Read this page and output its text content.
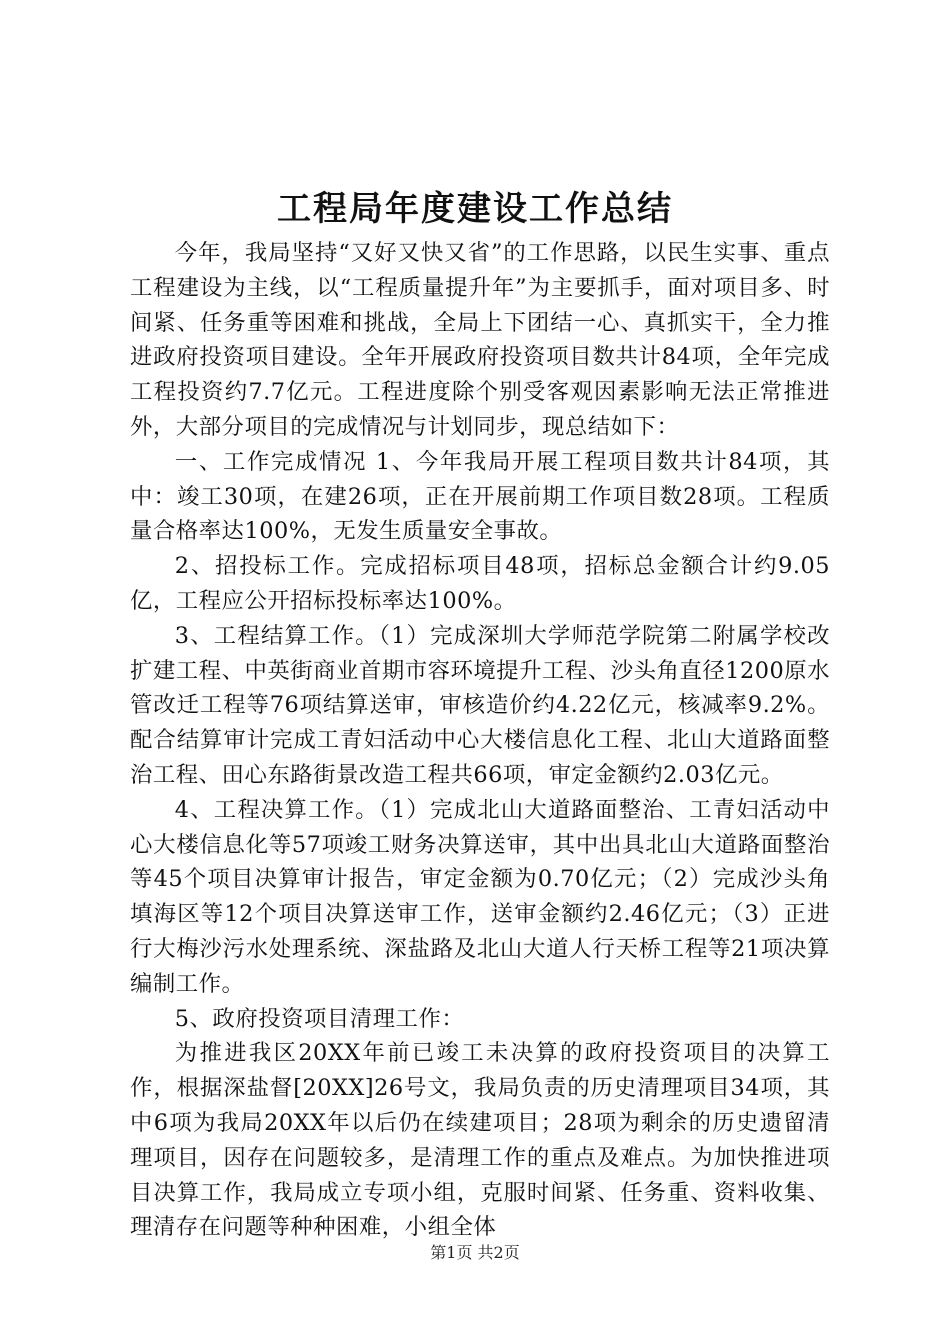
工程局年度建设工作总结

今年，我局坚持“又好又快又省”的工作思路，以民生实事、重点工程建设为主线，以“工程质量提升年”为主要抓手，面对项目多、时间紧、任务重等困难和挑战，全局上下团结一心、真抓实干，全力推进政府投资项目建设。全年开展政府投资项目数共计84项，全年完成工程投资约7.7亿元。工程进度除个别受客观因素影响无法正常推进外，大部分项目的完成情况与计划同步，现总结如下：

一、工作完成情况 1、今年我局开展工程项目数共计84项，其中：竣工30项，在建26项，正在开展前期工作项目数28项。工程质量合格率达100%，无发生质量安全事故。

2、招投标工作。完成招标项目48项，招标总金额合计约9.05亿，工程应公开招标投标率达100%。

3、工程结算工作。（1）完成深圳大学师范学院第二附属学校改扩建工程、中英街商业首期市容环境提升工程、沙头角直径1200原水管改迁工程等76项结算送审，审核造价约4.22亿元，核减率9.2%。配合结算审计完成工青妇活动中心大楼信息化工程、北山大道路面整治工程、田心东路街景改造工程共66项，审定金额约2.03亿元。

4、工程决算工作。（1）完成北山大道路面整治、工青妇活动中心大楼信息化等57项竣工财务决算送审，其中出具北山大道路面整治等45个项目决算审计报告，审定金额为0.70亿元；（2）完成沙头角填海区等12个项目决算送审工作，送审金额约2.46亿元；（3）正进行大梅沙污水处理系统、深盐路及北山大道人行天桥工程等21项决算编制工作。

5、政府投资项目清理工作：

为推进我区20XX年前已竣工未决算的政府投资项目的决算工作，根据深盐督[20XX]26号文，我局负责的历史清理项目34项，其中6项为我局20XX年以后仍在续建项目；28项为剩余的历史遗留清理项目，因存在问题较多，是清理工作的重点及难点。为加快推进项目决算工作，我局成立专项小组，克服时间紧、任务重、资料收集、理清存在问题等种种困难，小组全体

第1页 共2页
